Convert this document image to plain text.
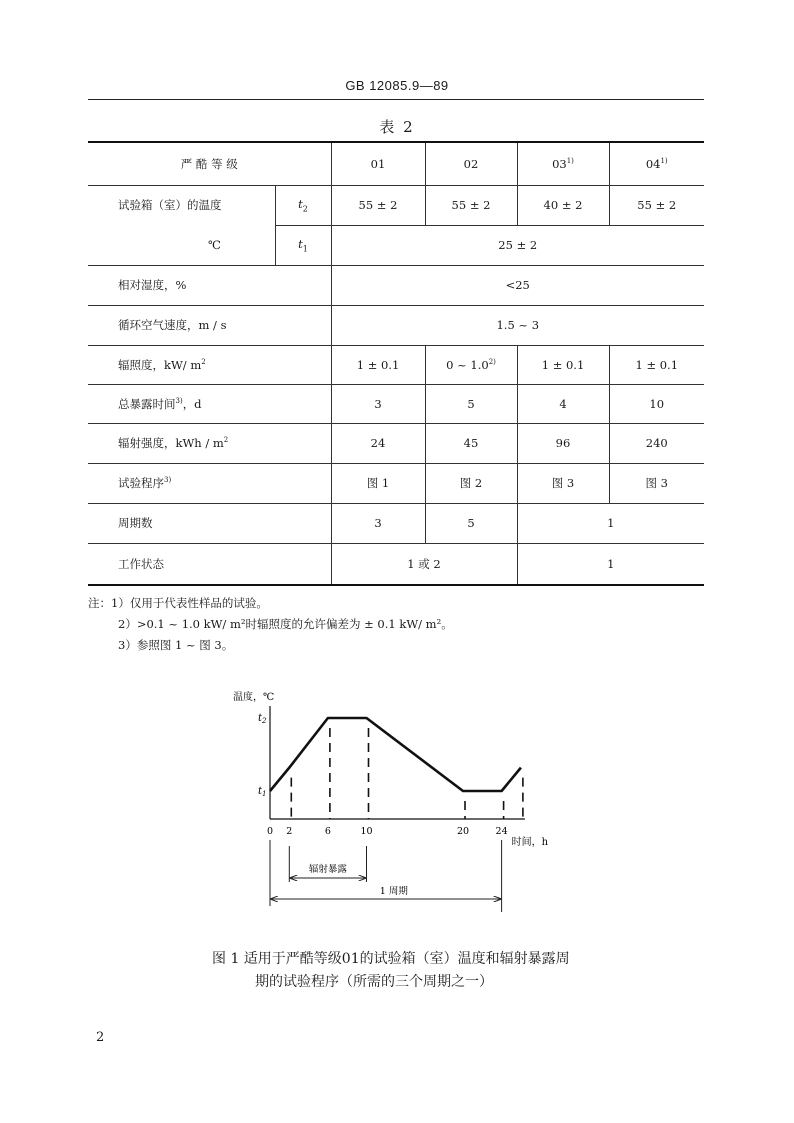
GB 12085.9—89
表 2
严 酷 等 级		01	02	03$^{1)}$	04$^{1)}$
试验箱（室）的温度	$t_2$	55 ± 2	55 ± 2	40 ± 2	55 ± 2
℃	$t_1$	25 ± 2			
相对湿度，%		<25			
循环空气速度，m / s		1.5 ~ 3			
辐照度，kW/ $m^2$		1 ± 0.1	0 ~ 1.0$^{2)}$	1 ± 0.1	1 ± 0.1
总暴露时间$^{3)}$，d		3	5	4	10
辐射强度，kWh / $m^2$		24	45	96	240
试验程序$^{3)}$		图 1	图 2	图 3	图 3
周期数		3	5	1	
工作状态		1 或 2		1	
注：1）仅用于代表性样品的试验。
2）>0.1 ~ 1.0 kW/ m²时辐照度的允许偏差为 ± 0.1 kW/ m²。
3）参照图 1 ~ 图 3。
温度，℃
$t_2$
$t_1$
0 2	6	10	20	24
时间，h
辐射暴露
1 周期
图 1 适用于严酷等级01的试验箱（室）温度和辐射暴露周
期的试验程序（所需的三个周期之一）
2
